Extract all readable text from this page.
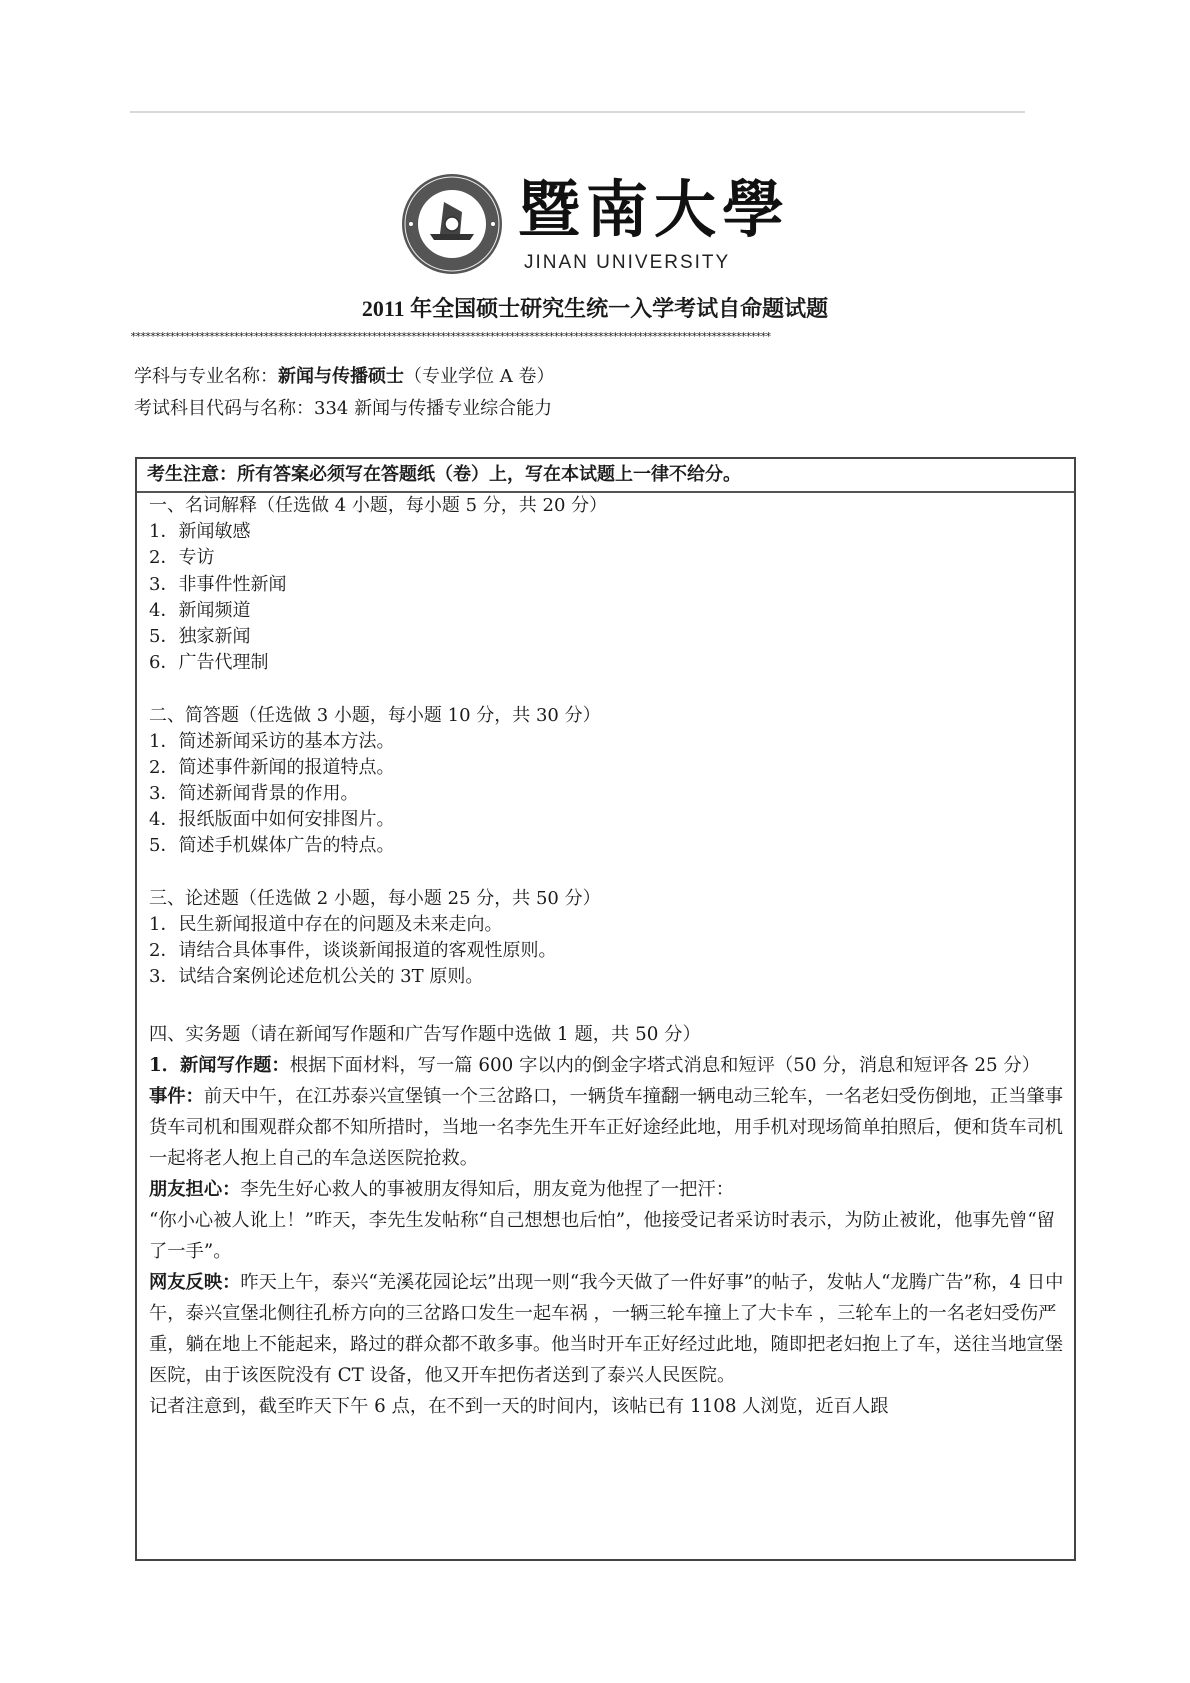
暨南大學
JINAN UNIVERSITY
2011 年全国硕士研究生统一入学考试自命题试题
**********************************************************************************************************************************
学科与专业名称：新闻与传播硕士（专业学位 A 卷）
考试科目代码与名称：334 新闻与传播专业综合能力
考生注意：所有答案必须写在答题纸（卷）上，写在本试题上一律不给分。
一、名词解释（任选做 4 小题，每小题 5 分，共 20 分）
1．新闻敏感
2．专访
3．非事件性新闻
4．新闻频道
5．独家新闻
6．广告代理制
二、简答题（任选做 3 小题，每小题 10 分，共 30 分）
1．简述新闻采访的基本方法。
2．简述事件新闻的报道特点。
3．简述新闻背景的作用。
4．报纸版面中如何安排图片。
5．简述手机媒体广告的特点。
三、论述题（任选做 2 小题，每小题 25 分，共 50 分）
1．民生新闻报道中存在的问题及未来走向。
2．请结合具体事件，谈谈新闻报道的客观性原则。
3．试结合案例论述危机公关的 3T 原则。
四、实务题（请在新闻写作题和广告写作题中选做 1 题，共 50 分）
1．新闻写作题：根据下面材料，写一篇 600 字以内的倒金字塔式消息和短评（50 分，消息和短评各 25 分）
事件：前天中午，在江苏泰兴宣堡镇一个三岔路口，一辆货车撞翻一辆电动三轮车，一名老妇受伤倒地，正当肇事货车司机和围观群众都不知所措时，当地一名李先生开车正好途经此地，用手机对现场简单拍照后，便和货车司机一起将老人抱上自己的车急送医院抢救。
朋友担心：李先生好心救人的事被朋友得知后，朋友竟为他捏了一把汗：
“你小心被人讹上！”昨天，李先生发帖称“自己想想也后怕”，他接受记者采访时表示，为防止被讹，他事先曾“留了一手”。
网友反映：昨天上午，泰兴“羌溪花园论坛”出现一则“我今天做了一件好事”的帖子，发帖人“龙腾广告”称，4 日中午，泰兴宣堡北侧往孔桥方向的三岔路口发生一起车祸 ，一辆三轮车撞上了大卡车 ，三轮车上的一名老妇受伤严重，躺在地上不能起来，路过的群众都不敢多事。他当时开车正好经过此地，随即把老妇抱上了车，送往当地宣堡医院，由于该医院没有 CT 设备，他又开车把伤者送到了泰兴人民医院。
记者注意到，截至昨天下午 6 点，在不到一天的时间内，该帖已有 1108 人浏览，近百人跟
